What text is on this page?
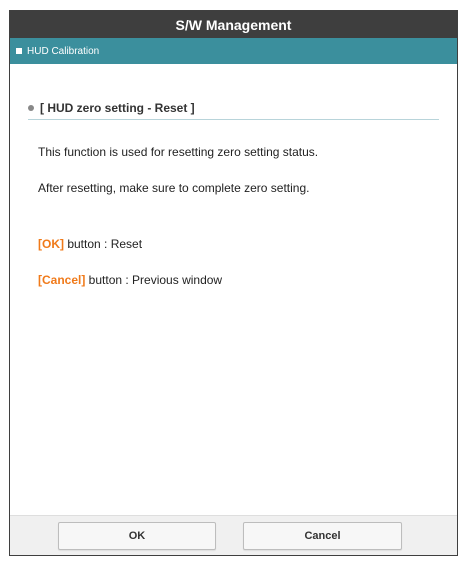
S/W Management
HUD Calibration
[ HUD zero setting - Reset ]
This function is used for resetting zero setting status.
After resetting, make sure to complete zero setting.
[OK] button : Reset
[Cancel] button : Previous window
OK	Cancel
